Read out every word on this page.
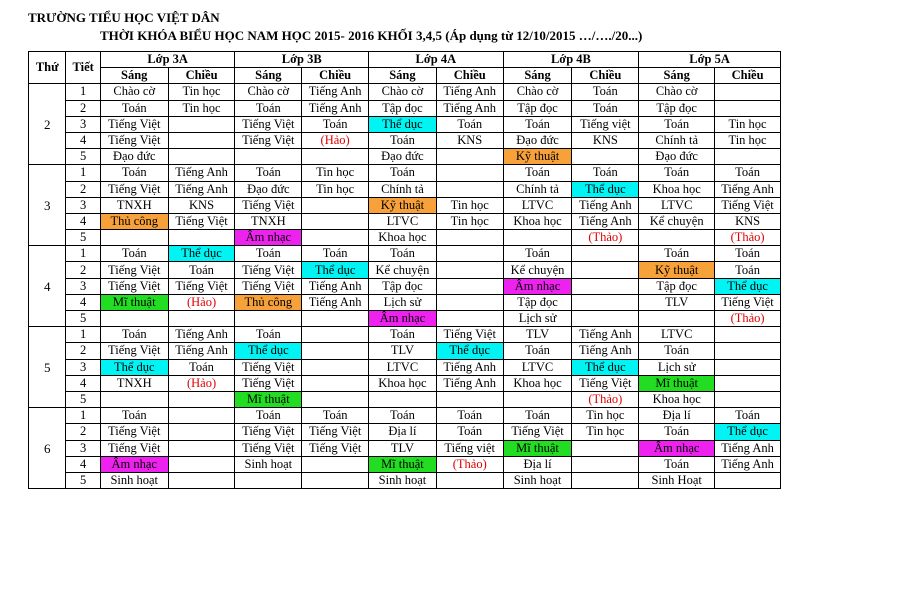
TRƯỜNG TIỂU HỌC VIỆT DÂN
THỜI KHÓA BIỂU HỌC NAM HỌC 2015- 2016 KHỐI 3,4,5 (Áp dụng từ 12/10/2015 …/…./20...)
Thứ	Tiết	Lớp 3A		Lớp 3B		Lớp 4A		Lớp 4B		Lớp 5A	
		Sáng	Chiều	Sáng	Chiều	Sáng	Chiều	Sáng	Chiều	Sáng	Chiều
2	1	Chào cờ	Tin học	Chào cờ	Tiếng Anh	Chào cờ	Tiếng Anh	Chào cờ	Toán	Chào cờ	
	2	Toán	Tin học	Toán	Tiếng Anh	Tập đọc	Tiếng Anh	Tập đọc	Toán	Tập đọc	
	3	Tiếng Việt		Tiếng Việt	Toán	Thể dục	Toán	Toán	Tiếng việt	Toán	Tin học
	4	Tiếng Việt		Tiếng Việt	(Hảo)	Toán	KNS	Đạo đức	KNS	Chính tả	Tin học
	5	Đạo đức				Đạo đức		Kỹ thuật		Đạo đức	
3	1	Toán	Tiếng Anh	Toán	Tin học	Toán		Toán	Toán	Toán	Toán
	2	Tiếng Việt	Tiếng Anh	Đạo đức	Tin học	Chính tả		Chính tả	Thể dục	Khoa học	Tiếng Anh
	3	TNXH	KNS	Tiếng Việt		Kỹ thuật	Tin học	LTVC	Tiếng Anh	LTVC	Tiếng Việt
	4	Thủ công	Tiếng Việt	TNXH		LTVC	Tin học	Khoa học	Tiếng Anh	Kể chuyện	KNS
	5			Âm nhạc		Khoa học			(Thảo)		(Thảo)
4	1	Toán	Thể dục	Toán	Toán	Toán		Toán		Toán	Toán
	2	Tiếng Việt	Toán	Tiếng Việt	Thể dục	Kể chuyện		Kể chuyện		Kỹ thuật	Toán
	3	Tiếng Việt	Tiếng Việt	Tiếng Việt	Tiếng Anh	Tập đọc		Âm nhạc		Tập đọc	Thể dục
	4	Mĩ thuật	(Hảo)	Thủ công	Tiếng Anh	Lịch sử		Tập đọc		TLV	Tiếng Việt
	5					Âm nhạc		Lịch sử			(Thảo)
5	1	Toán	Tiếng Anh	Toán		Toán	Tiếng Việt	TLV	Tiếng Anh	LTVC	
	2	Tiếng Việt	Tiếng Anh	Thể dục		TLV	Thể dục	Toán	Tiếng Anh	Toán	
	3	Thể dục	Toán	Tiếng Việt		LTVC	Tiếng Anh	LTVC	Thể dục	Lịch sử	
	4	TNXH	(Hảo)	Tiếng Việt		Khoa học	Tiếng Anh	Khoa học	Tiếng Việt	Mĩ thuật	
	5			Mĩ thuật					(Thảo)	Khoa học	
6	1	Toán		Toán	Toán	Toán	Toán	Toán	Tin học	Địa lí	Toán
	2	Tiếng Việt		Tiếng Việt	Tiếng Việt	Địa lí	Toán	Tiếng Việt	Tin học	Toán	Thể dục
	3	Tiếng Việt		Tiếng Việt	Tiếng Việt	TLV	Tiếng việt	Mĩ thuật		Âm nhạc	Tiếng Anh
	4	Âm nhạc		Sinh hoạt		Mĩ thuật	(Thảo)	Địa lí		Toán	Tiếng Anh
	5	Sinh hoạt				Sinh hoạt		Sinh hoạt		Sinh Hoạt	
